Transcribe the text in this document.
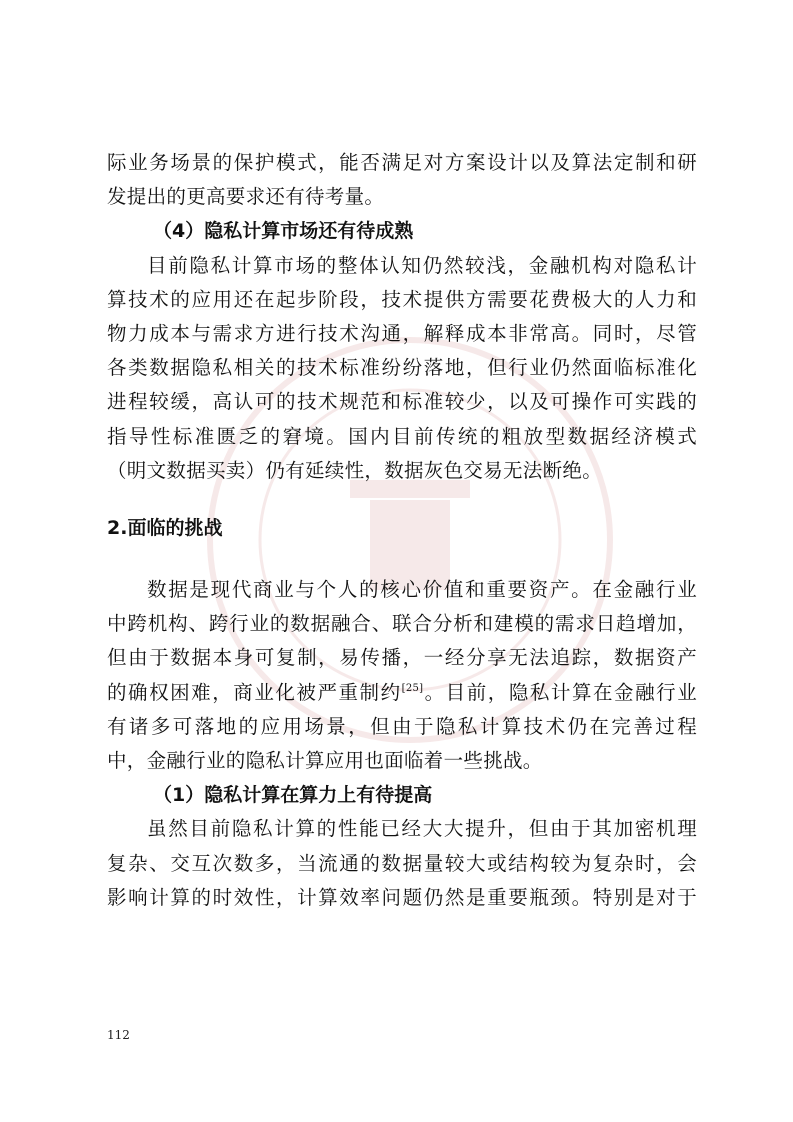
际业务场景的保护模式，能否满足对方案设计以及算法定制和研
发提出的更高要求还有待考量。
（4）隐私计算市场还有待成熟
目前隐私计算市场的整体认知仍然较浅，金融机构对隐私计
算技术的应用还在起步阶段，技术提供方需要花费极大的人力和
物力成本与需求方进行技术沟通，解释成本非常高。同时，尽管
各类数据隐私相关的技术标准纷纷落地，但行业仍然面临标准化
进程较缓，高认可的技术规范和标准较少，以及可操作可实践的
指导性标准匮乏的窘境。国内目前传统的粗放型数据经济模式
（明文数据买卖）仍有延续性，数据灰色交易无法断绝。
2.面临的挑战
数据是现代商业与个人的核心价值和重要资产。在金融行业
中跨机构、跨行业的数据融合、联合分析和建模的需求日趋增加，
但由于数据本身可复制，易传播，一经分享无法追踪，数据资产
的确权困难，商业化被严重制约[25]。目前，隐私计算在金融行业
有诸多可落地的应用场景，但由于隐私计算技术仍在完善过程
中，金融行业的隐私计算应用也面临着一些挑战。
（1）隐私计算在算力上有待提高
虽然目前隐私计算的性能已经大大提升，但由于其加密机理
复杂、交互次数多，当流通的数据量较大或结构较为复杂时，会
影响计算的时效性，计算效率问题仍然是重要瓶颈。特别是对于
112
